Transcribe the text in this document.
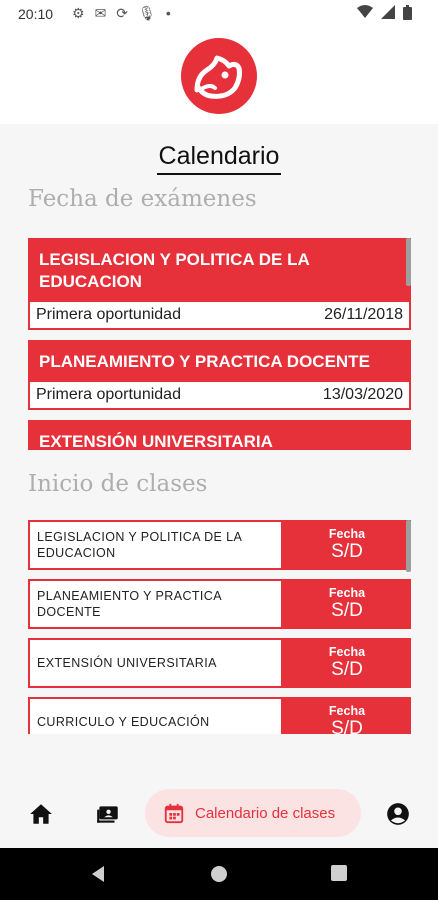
20:10 ⚙ ✉ ⟳ 🎙 •
Calendario
Fecha de exámenes
LEGISLACION Y POLITICA DE LA EDUCACION
Primera oportunidad	26/11/2018
PLANEAMIENTO Y PRACTICA DOCENTE
Primera oportunidad	13/03/2020
EXTENSIÓN UNIVERSITARIA
Inicio de clases
LEGISLACION Y POLITICA DE LA EDUCACION
Fecha
S/D
PLANEAMIENTO Y PRACTICA DOCENTE
Fecha
S/D
EXTENSIÓN UNIVERSITARIA
Fecha
S/D
CURRICULO Y EDUCACIÓN
Fecha
S/D
Calendario de clases
